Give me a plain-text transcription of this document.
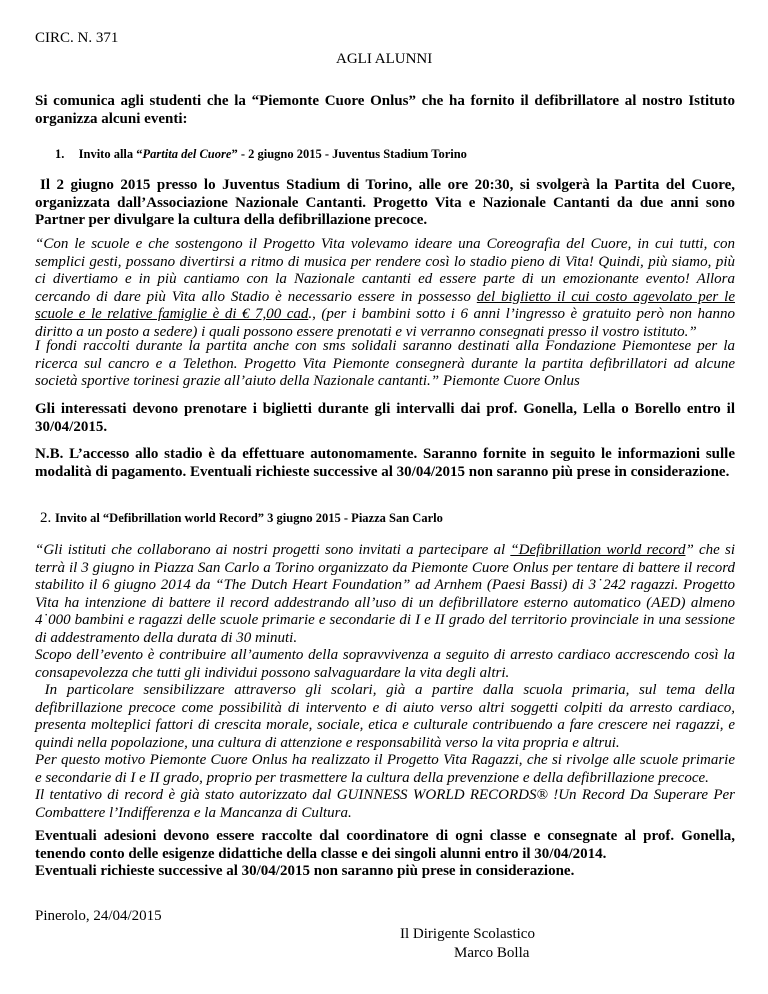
CIRC. N. 371
AGLI ALUNNI

Si comunica agli studenti che la “Piemonte Cuore Onlus” che ha fornito il defibrillatore al nostro Istituto organizza alcuni eventi:

1. Invito alla “Partita del Cuore” - 2 giugno 2015 - Juventus Stadium Torino

Il 2 giugno 2015 presso lo Juventus Stadium di Torino, alle ore 20:30, si svolgerà la Partita del Cuore, organizzata dall’Associazione Nazionale Cantanti. Progetto Vita e Nazionale Cantanti da due anni sono Partner per divulgare la cultura della defibrillazione precoce.

“Con le scuole e che sostengono il Progetto Vita volevamo ideare una Coreografia del Cuore, in cui tutti, con semplici gesti, possano divertirsi a ritmo di musica per rendere così lo stadio pieno di Vita! Quindi, più siamo, più ci divertiamo e in più cantiamo con la Nazionale cantanti ed essere parte di un emozionante evento! Allora cercando di dare più Vita allo Stadio è necessario essere in possesso del biglietto il cui costo agevolato per le scuole e le relative famiglie è di € 7,00 cad., (per i bambini sotto i 6 anni l’ingresso è gratuito però non hanno diritto a un posto a sedere) i quali possono essere prenotati e vi verranno consegnati presso il vostro istituto.”

I fondi raccolti durante la partita anche con sms solidali saranno destinati alla Fondazione Piemontese per la ricerca sul cancro e a Telethon. Progetto Vita Piemonte consegnerà durante la partita defibrillatori ad alcune società sportive torinesi grazie all’aiuto della Nazionale cantanti.” Piemonte Cuore Onlus

Gli interessati devono prenotare i biglietti durante gli intervalli dai prof. Gonella, Lella o Borello entro il 30/04/2015.

N.B. L’accesso allo stadio è da effettuare autonomamente. Saranno fornite in seguito le informazioni sulle modalità di pagamento. Eventuali richieste successive al 30/04/2015 non saranno più prese in considerazione.

2. Invito al “Defibrillation world Record” 3 giugno 2015 - Piazza San Carlo

“Gli istituti che collaborano ai nostri progetti sono invitati a partecipare al “Defibrillation world record” che si terrà il 3 giugno in Piazza San Carlo a Torino organizzato da Piemonte Cuore Onlus per tentare di battere il record stabilito il 6 giugno 2014 da “The Dutch Heart Foundation” ad Arnhem (Paesi Bassi) di 3˙242 ragazzi. Progetto Vita ha intenzione di battere il record addestrando all’uso di un defibrillatore esterno automatico (AED) almeno 4˙000 bambini e ragazzi delle scuole primarie e secondarie di I e II grado del territorio provinciale in una sessione di addestramento della durata di 30 minuti.

Scopo dell’evento è contribuire all’aumento della sopravvivenza a seguito di arresto cardiaco accrescendo così la consapevolezza che tutti gli individui possono salvaguardare la vita degli altri.

In particolare sensibilizzare attraverso gli scolari, già a partire dalla scuola primaria, sul tema della defibrillazione precoce come possibilità di intervento e di aiuto verso altri soggetti colpiti da arresto cardiaco, presenta molteplici fattori di crescita morale, sociale, etica e culturale contribuendo a fare crescere nei ragazzi, e quindi nella popolazione, una cultura di attenzione e responsabilità verso la vita propria e altrui.

Per questo motivo Piemonte Cuore Onlus ha realizzato il Progetto Vita Ragazzi, che si rivolge alle scuole primarie e secondarie di I e II grado, proprio per trasmettere la cultura della prevenzione e della defibrillazione precoce.

Il tentativo di record è già stato autorizzato dal GUINNESS WORLD RECORDS® !Un Record Da Superare Per Combattere l’Indifferenza e la Mancanza di Cultura.

Eventuali adesioni devono essere raccolte dal coordinatore di ogni classe e consegnate al prof. Gonella, tenendo conto delle esigenze didattiche della classe e dei singoli alunni entro il 30/04/2014.

Eventuali richieste successive al 30/04/2015 non saranno più prese in considerazione.

Pinerolo, 24/04/2015
Il Dirigente Scolastico
Marco Bolla
